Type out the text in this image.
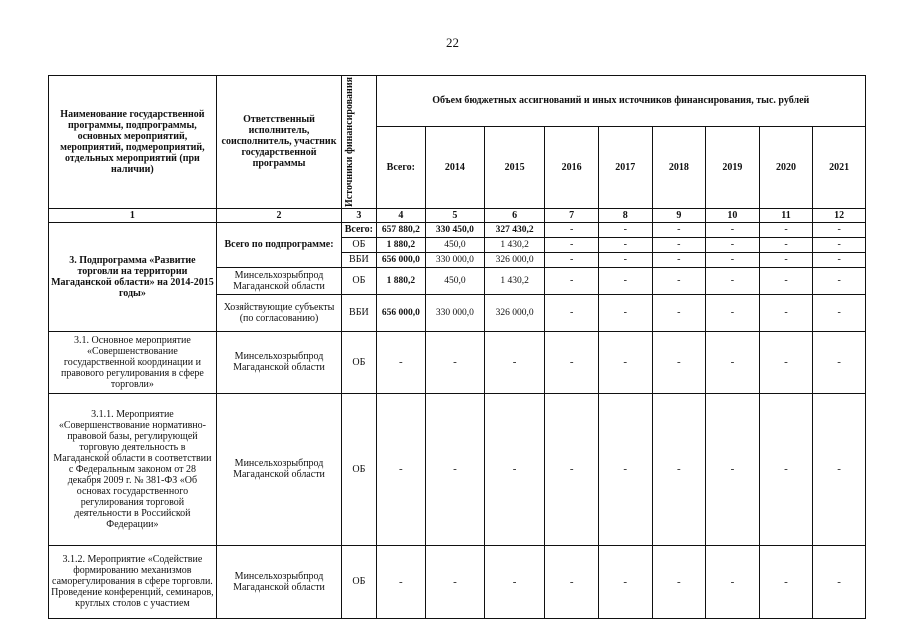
22
Наименование государственной программы, подпрограммы, основных мероприятий, мероприятий, подмероприятий, отдельных мероприятий (при наличии)	Ответственный исполнитель, соисполнитель, участник государственной программы	Источники финансирования	Объем бюджетных ассигнований и иных источников финансирования, тыс. рублей								
			Всего:	2014	2015	2016	2017	2018	2019	2020	2021
1	2	3	4	5	6	7	8	9	10	11	12
3. Подпрограмма «Развитие торговли на территории Магаданской области» на 2014-2015 годы»	Всего по подпрограмме:	Всего:	657 880,2	330 450,0	327 430,2	-	-	-	-	-	-
		ОБ	1 880,2	450,0	1 430,2	-	-	-	-	-	-
		ВБИ	656 000,0	330 000,0	326 000,0	-	-	-	-	-	-
	Минсельхозрыбпрод Магаданской области	ОБ	1 880,2	450,0	1 430,2	-	-	-	-	-	-
	Хозяйствующие субъекты (по согласованию)	ВБИ	656 000,0	330 000,0	326 000,0	-	-	-	-	-	-
3.1. Основное мероприятие «Совершенствование государственной координации и правового регулирования в сфере торговли»	Минсельхозрыбпрод Магаданской области	ОБ	-	-	-	-	-	-	-	-	-
3.1.1. Мероприятие «Совершенствование нормативно-правовой базы, регулирующей торговую деятельность в Магаданской области в соответствии с Федеральным законом от 28 декабря 2009 г. № 381-ФЗ «Об основах государственного регулирования торговой деятельности в Российской Федерации»	Минсельхозрыбпрод Магаданской области	ОБ	-	-	-	-	-	-	-	-	-
3.1.2. Мероприятие «Содействие формированию механизмов саморегулирования в сфере торговли. Проведение конференций, семинаров, круглых столов с участием	Минсельхозрыбпрод Магаданской области	ОБ	-	-	-	-	-	-	-	-	-
